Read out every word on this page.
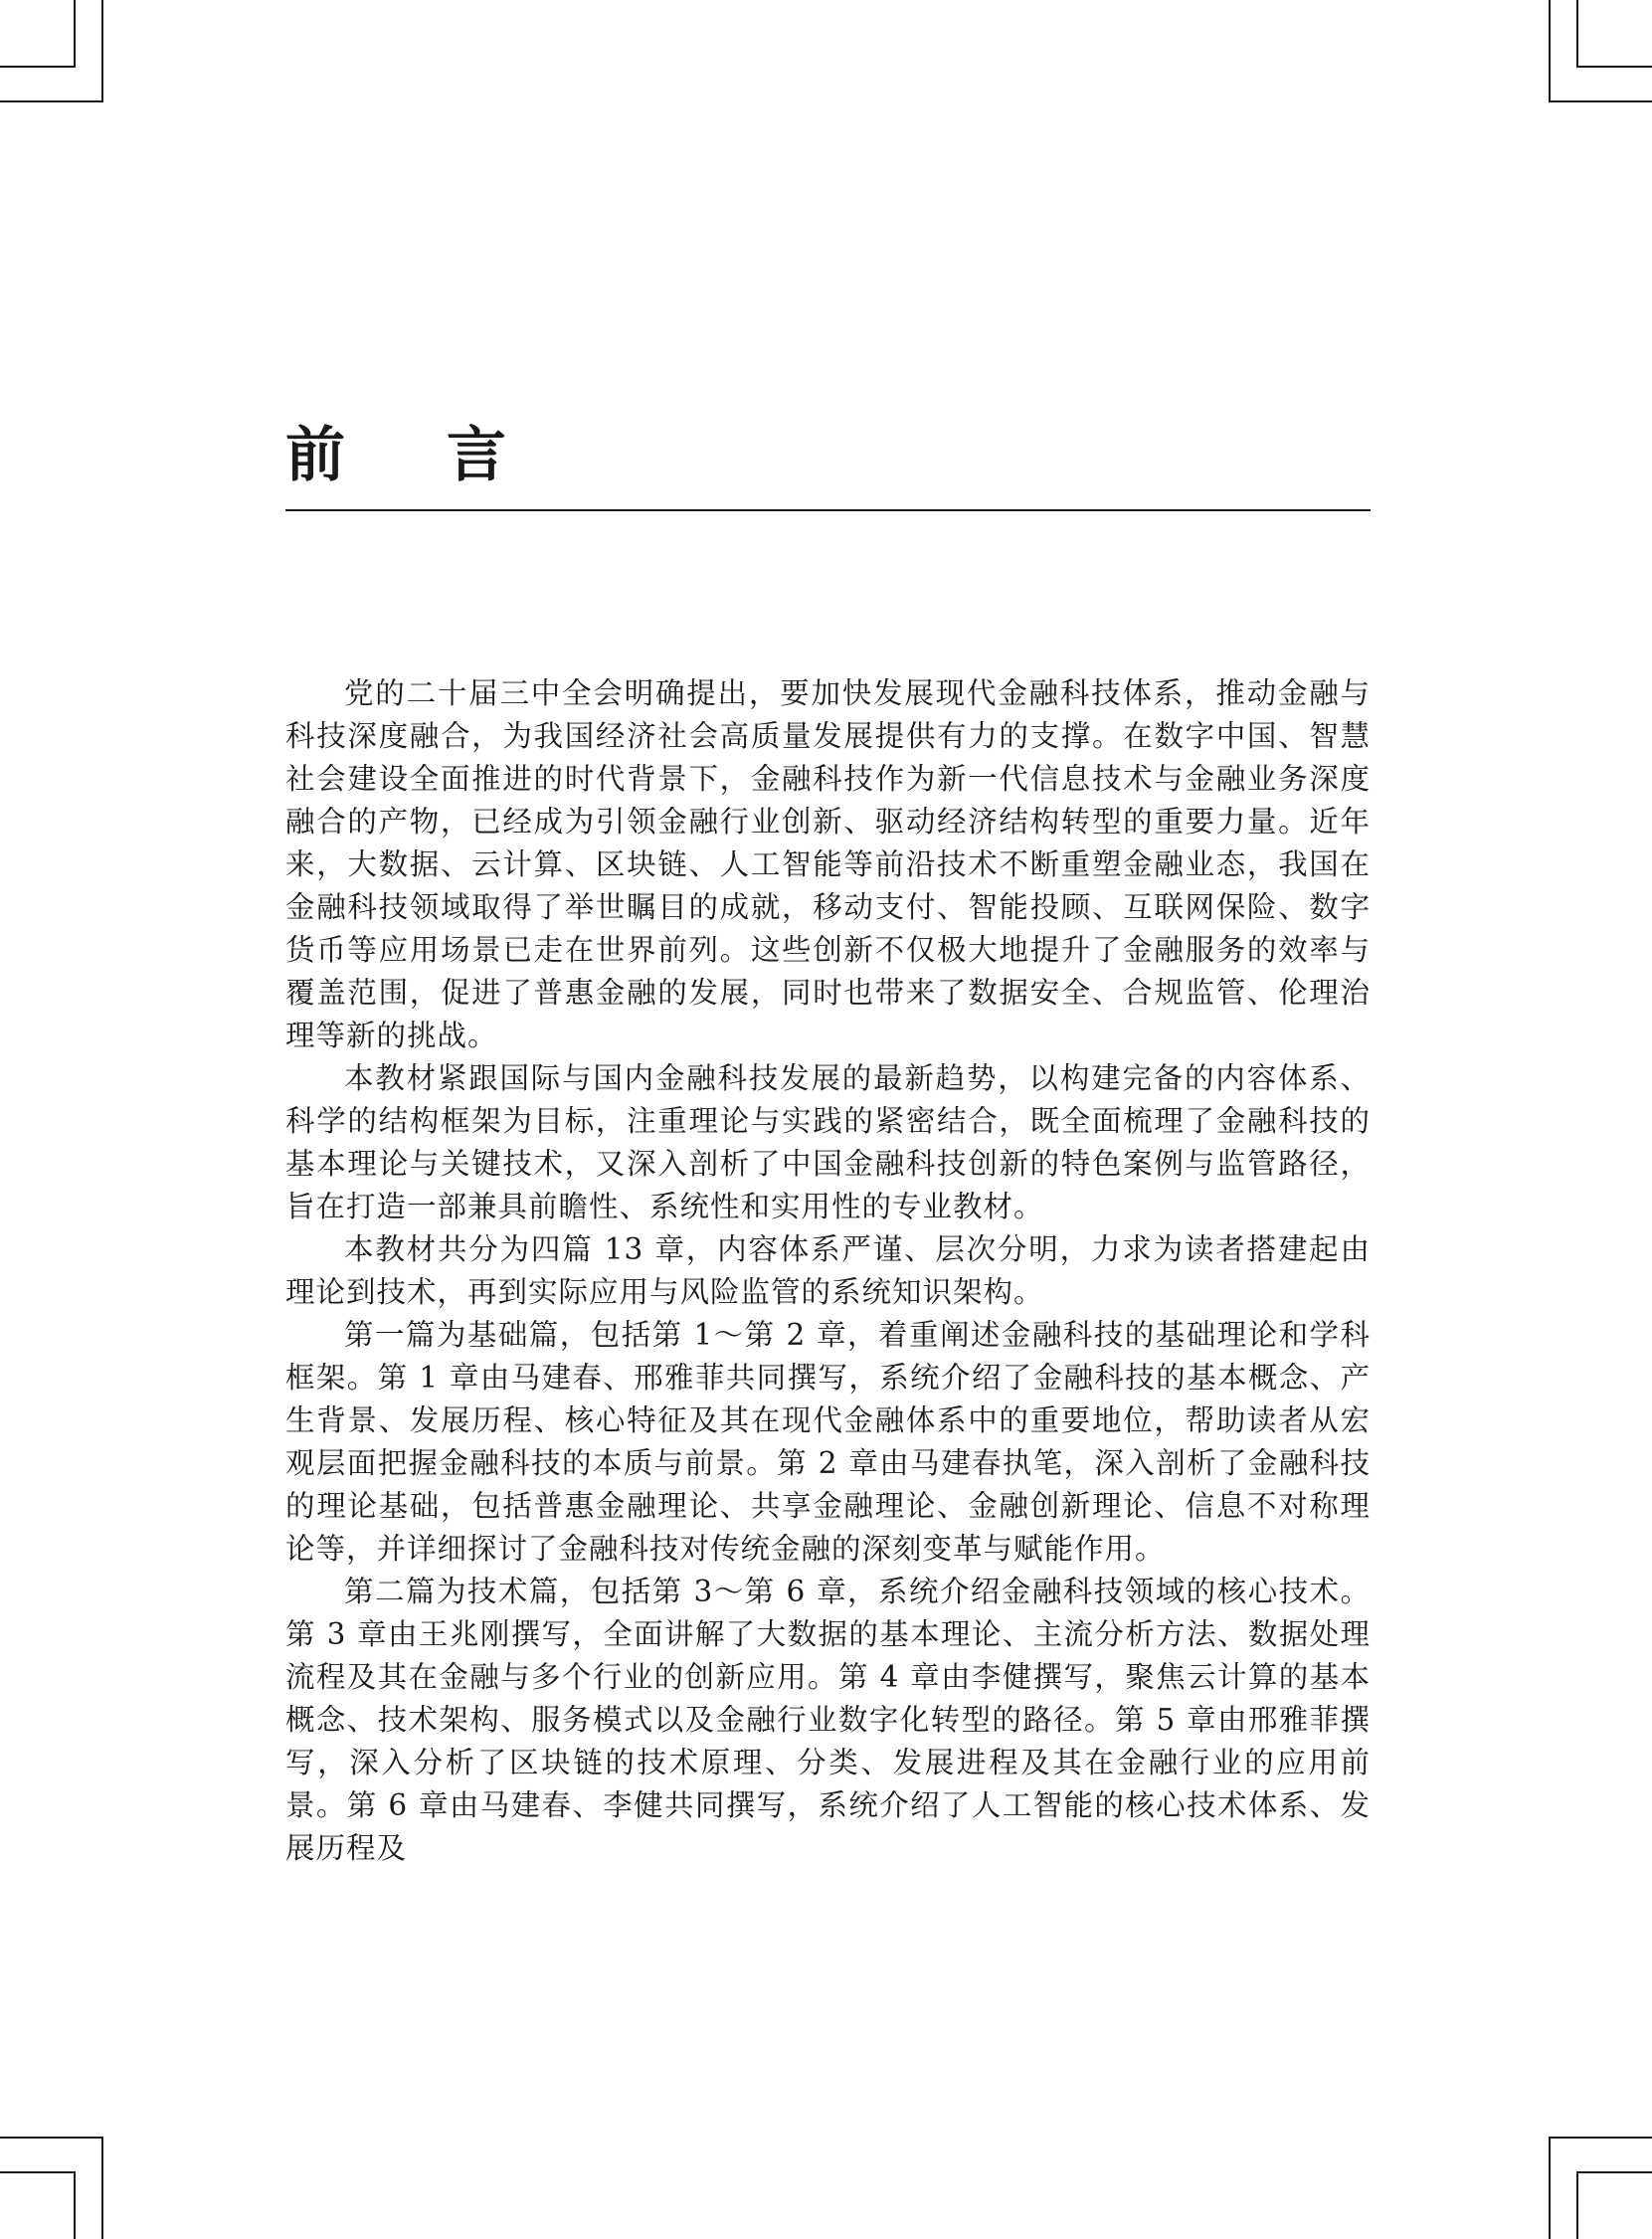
前 言

党的二十届三中全会明确提出，要加快发展现代金融科技体系，推动金融与科技深度融合，为我国经济社会高质量发展提供有力的支撑。在数字中国、智慧社会建设全面推进的时代背景下，金融科技作为新一代信息技术与金融业务深度融合的产物，已经成为引领金融行业创新、驱动经济结构转型的重要力量。近年来，大数据、云计算、区块链、人工智能等前沿技术不断重塑金融业态，我国在金融科技领域取得了举世瞩目的成就，移动支付、智能投顾、互联网保险、数字货币等应用场景已走在世界前列。这些创新不仅极大地提升了金融服务的效率与覆盖范围，促进了普惠金融的发展，同时也带来了数据安全、合规监管、伦理治理等新的挑战。

本教材紧跟国际与国内金融科技发展的最新趋势，以构建完备的内容体系、科学的结构框架为目标，注重理论与实践的紧密结合，既全面梳理了金融科技的基本理论与关键技术，又深入剖析了中国金融科技创新的特色案例与监管路径，旨在打造一部兼具前瞻性、系统性和实用性的专业教材。

本教材共分为四篇 13 章，内容体系严谨、层次分明，力求为读者搭建起由理论到技术，再到实际应用与风险监管的系统知识架构。

第一篇为基础篇，包括第 1～第 2 章，着重阐述金融科技的基础理论和学科框架。第 1 章由马建春、邢雅菲共同撰写，系统介绍了金融科技的基本概念、产生背景、发展历程、核心特征及其在现代金融体系中的重要地位，帮助读者从宏观层面把握金融科技的本质与前景。第 2 章由马建春执笔，深入剖析了金融科技的理论基础，包括普惠金融理论、共享金融理论、金融创新理论、信息不对称理论等，并详细探讨了金融科技对传统金融的深刻变革与赋能作用。

第二篇为技术篇，包括第 3～第 6 章，系统介绍金融科技领域的核心技术。第 3 章由王兆刚撰写，全面讲解了大数据的基本理论、主流分析方法、数据处理流程及其在金融与多个行业的创新应用。第 4 章由李健撰写，聚焦云计算的基本概念、技术架构、服务模式以及金融行业数字化转型的路径。第 5 章由邢雅菲撰写，深入分析了区块链的技术原理、分类、发展进程及其在金融行业的应用前景。第 6 章由马建春、李健共同撰写，系统介绍了人工智能的核心技术体系、发展历程及
